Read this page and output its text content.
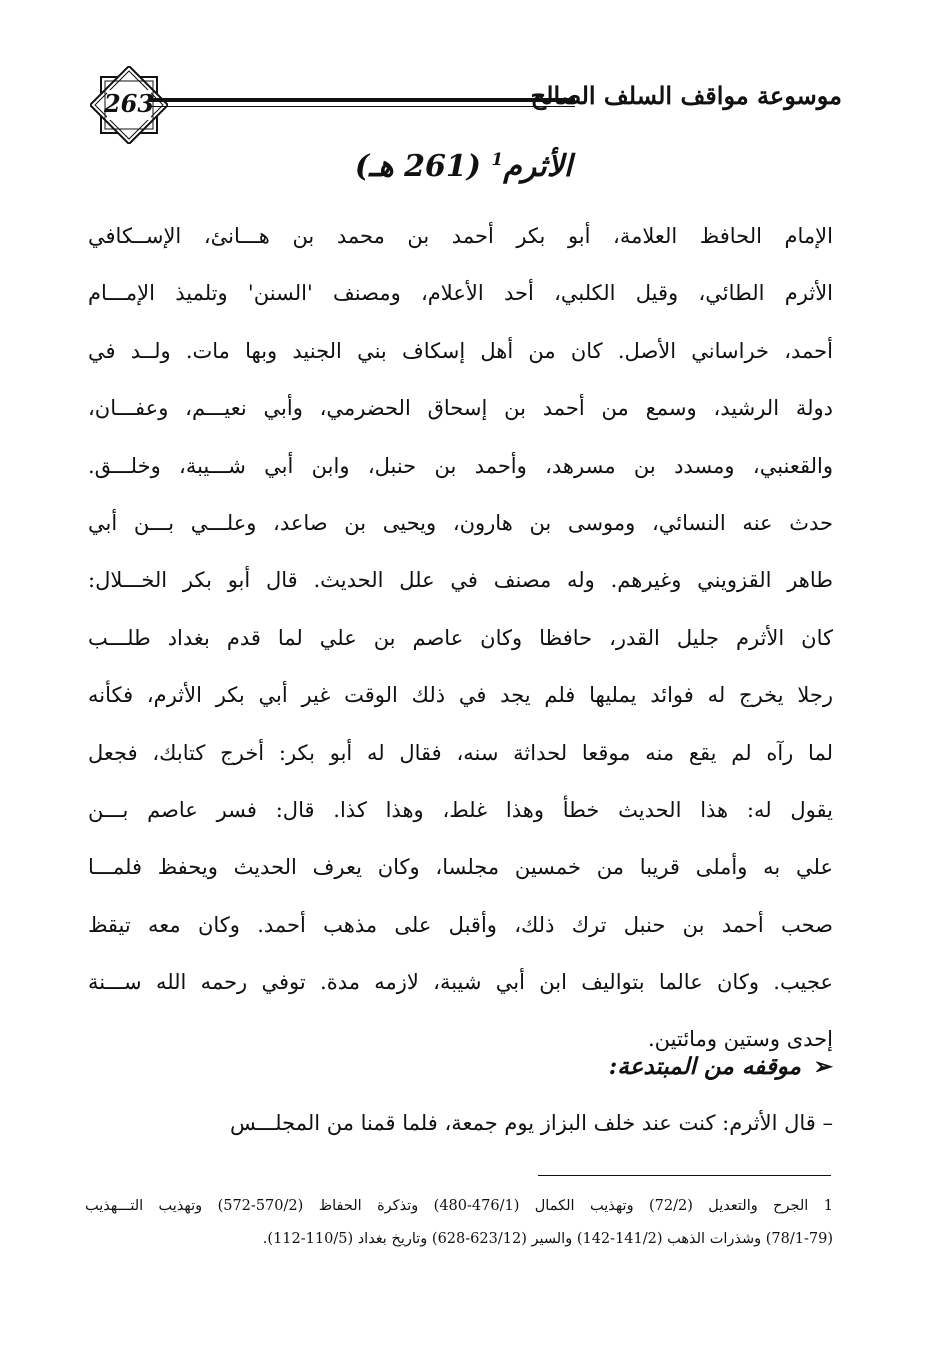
263	موسوعة مواقف السلف الصالح
الأثرم$^1$ (261 هـ)
الإمام الحافظ العلامة، أبو بكر أحمد بن محمد بن هـــانئ، الإســكافي
الأثرم الطائي، وقيل الكلبي، أحد الأعلام، ومصنف 'السنن' وتلميذ الإمـــام
أحمد، خراساني الأصل. كان من أهل إسكاف بني الجنيد وبها مات. ولــد في
دولة الرشيد، وسمع من أحمد بن إسحاق الحضرمي، وأبي نعيـــم، وعفـــان،
والقعنبي، ومسدد بن مسرهد، وأحمد بن حنبل، وابن أبي شـــيبة، وخلـــق.
حدث عنه النسائي، وموسى بن هارون، ويحيى بن صاعد، وعلـــي بـــن أبي
طاهر القزويني وغيرهم. وله مصنف في علل الحديث. قال أبو بكر الخـــلال:
كان الأثرم جليل القدر، حافظا وكان عاصم بن علي لما قدم بغداد طلـــب
رجلا يخرج له فوائد يمليها فلم يجد في ذلك الوقت غير أبي بكر الأثرم، فكأنه
لما رآه لم يقع منه موقعا لحداثة سنه، فقال له أبو بكر: أخرج كتابك، فجعل
يقول له: هذا الحديث خطأ وهذا غلط، وهذا كذا. قال: فسر عاصم بـــن
علي به وأملى قريبا من خمسين مجلسا، وكان يعرف الحديث ويحفظ فلمـــا
صحب أحمد بن حنبل ترك ذلك، وأقبل على مذهب أحمد. وكان معه تيقظ
عجيب. وكان عالما بتواليف ابن أبي شيبة، لازمه مدة. توفي رحمه الله ســـنة
إحدى وستين ومائتين.
➢موقفه من المبتدعة:
– قال الأثرم: كنت عند خلف البزاز يوم جمعة، فلما قمنا من المجلـــس
1 الجرح والتعديل (72/2) وتهذيب الكمال (476/1-480) وتذكرة الحفاظ (570/2-572) وتهذيب التـــهذيب
(78/1-79) وشذرات الذهب (141/2-142) والسير (623/12-628) وتاريخ بغداد (110/5-112).
